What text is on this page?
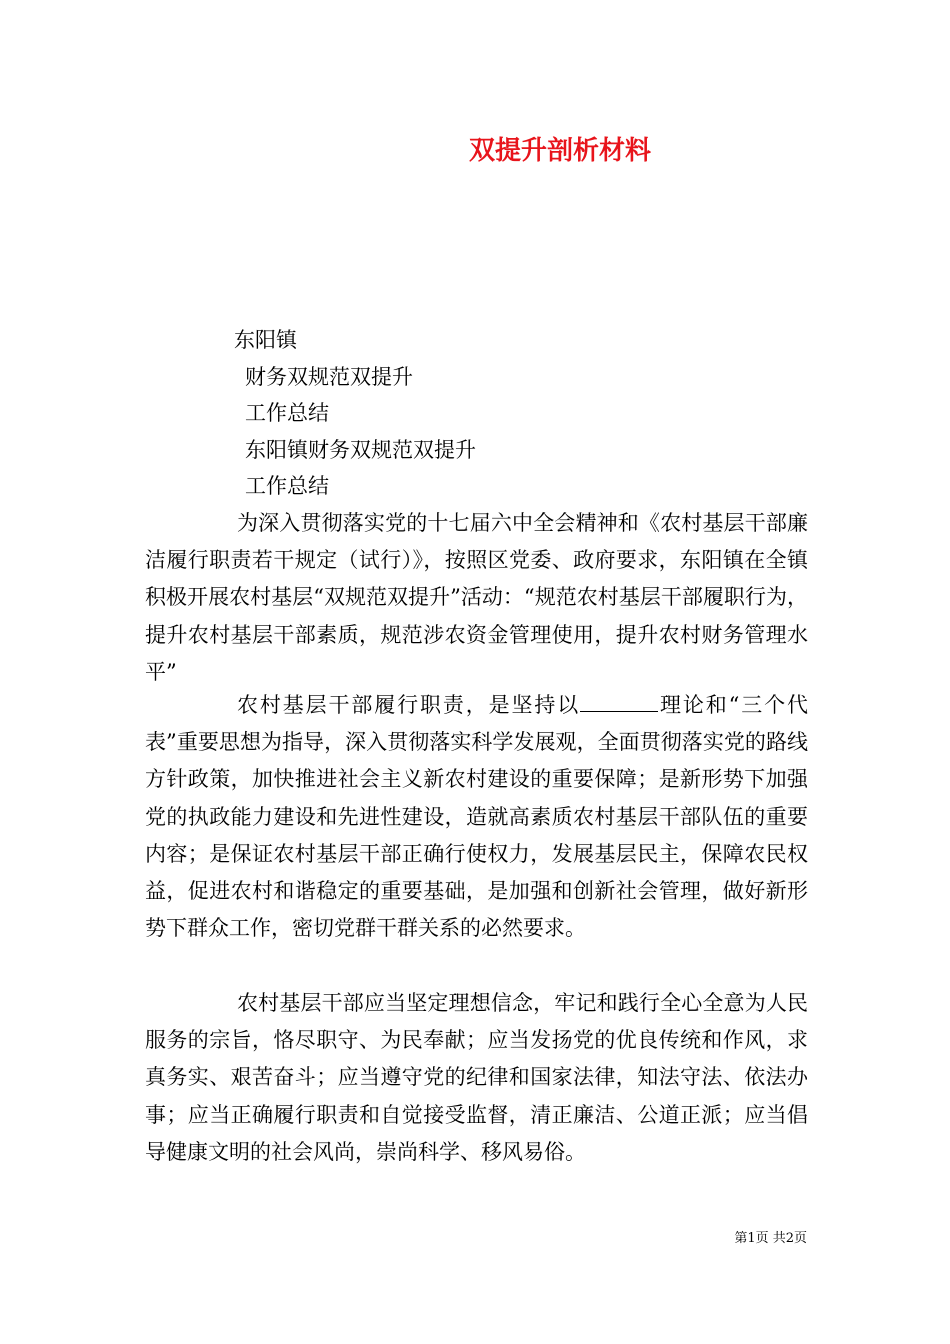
双提升剖析材料
东阳镇
财务双规范双提升
工作总结
东阳镇财务双规范双提升
工作总结

为深入贯彻落实党的十七届六中全会精神和《农村基层干部廉洁履行职责若干规定（试行）》，按照区党委、政府要求，东阳镇在全镇积极开展农村基层“双规范双提升”活动：“规范农村基层干部履职行为，提升农村基层干部素质，规范涉农资金管理使用，提升农村财务管理水平”

农村基层干部履行职责，是坚持以	理论和“三个代表”重要思想为指导，深入贯彻落实科学发展观，全面贯彻落实党的路线方针政策，加快推进社会主义新农村建设的重要保障；是新形势下加强党的执政能力建设和先进性建设，造就高素质农村基层干部队伍的重要内容；是保证农村基层干部正确行使权力，发展基层民主，保障农民权益，促进农村和谐稳定的重要基础，是加强和创新社会管理，做好新形势下群众工作，密切党群干群关系的必然要求。

农村基层干部应当坚定理想信念，牢记和践行全心全意为人民服务的宗旨，恪尽职守、为民奉献；应当发扬党的优良传统和作风，求真务实、艰苦奋斗；应当遵守党的纪律和国家法律，知法守法、依法办事；应当正确履行职责和自觉接受监督，清正廉洁、公道正派；应当倡导健康文明的社会风尚，崇尚科学、移风易俗。

第1页 共2页
